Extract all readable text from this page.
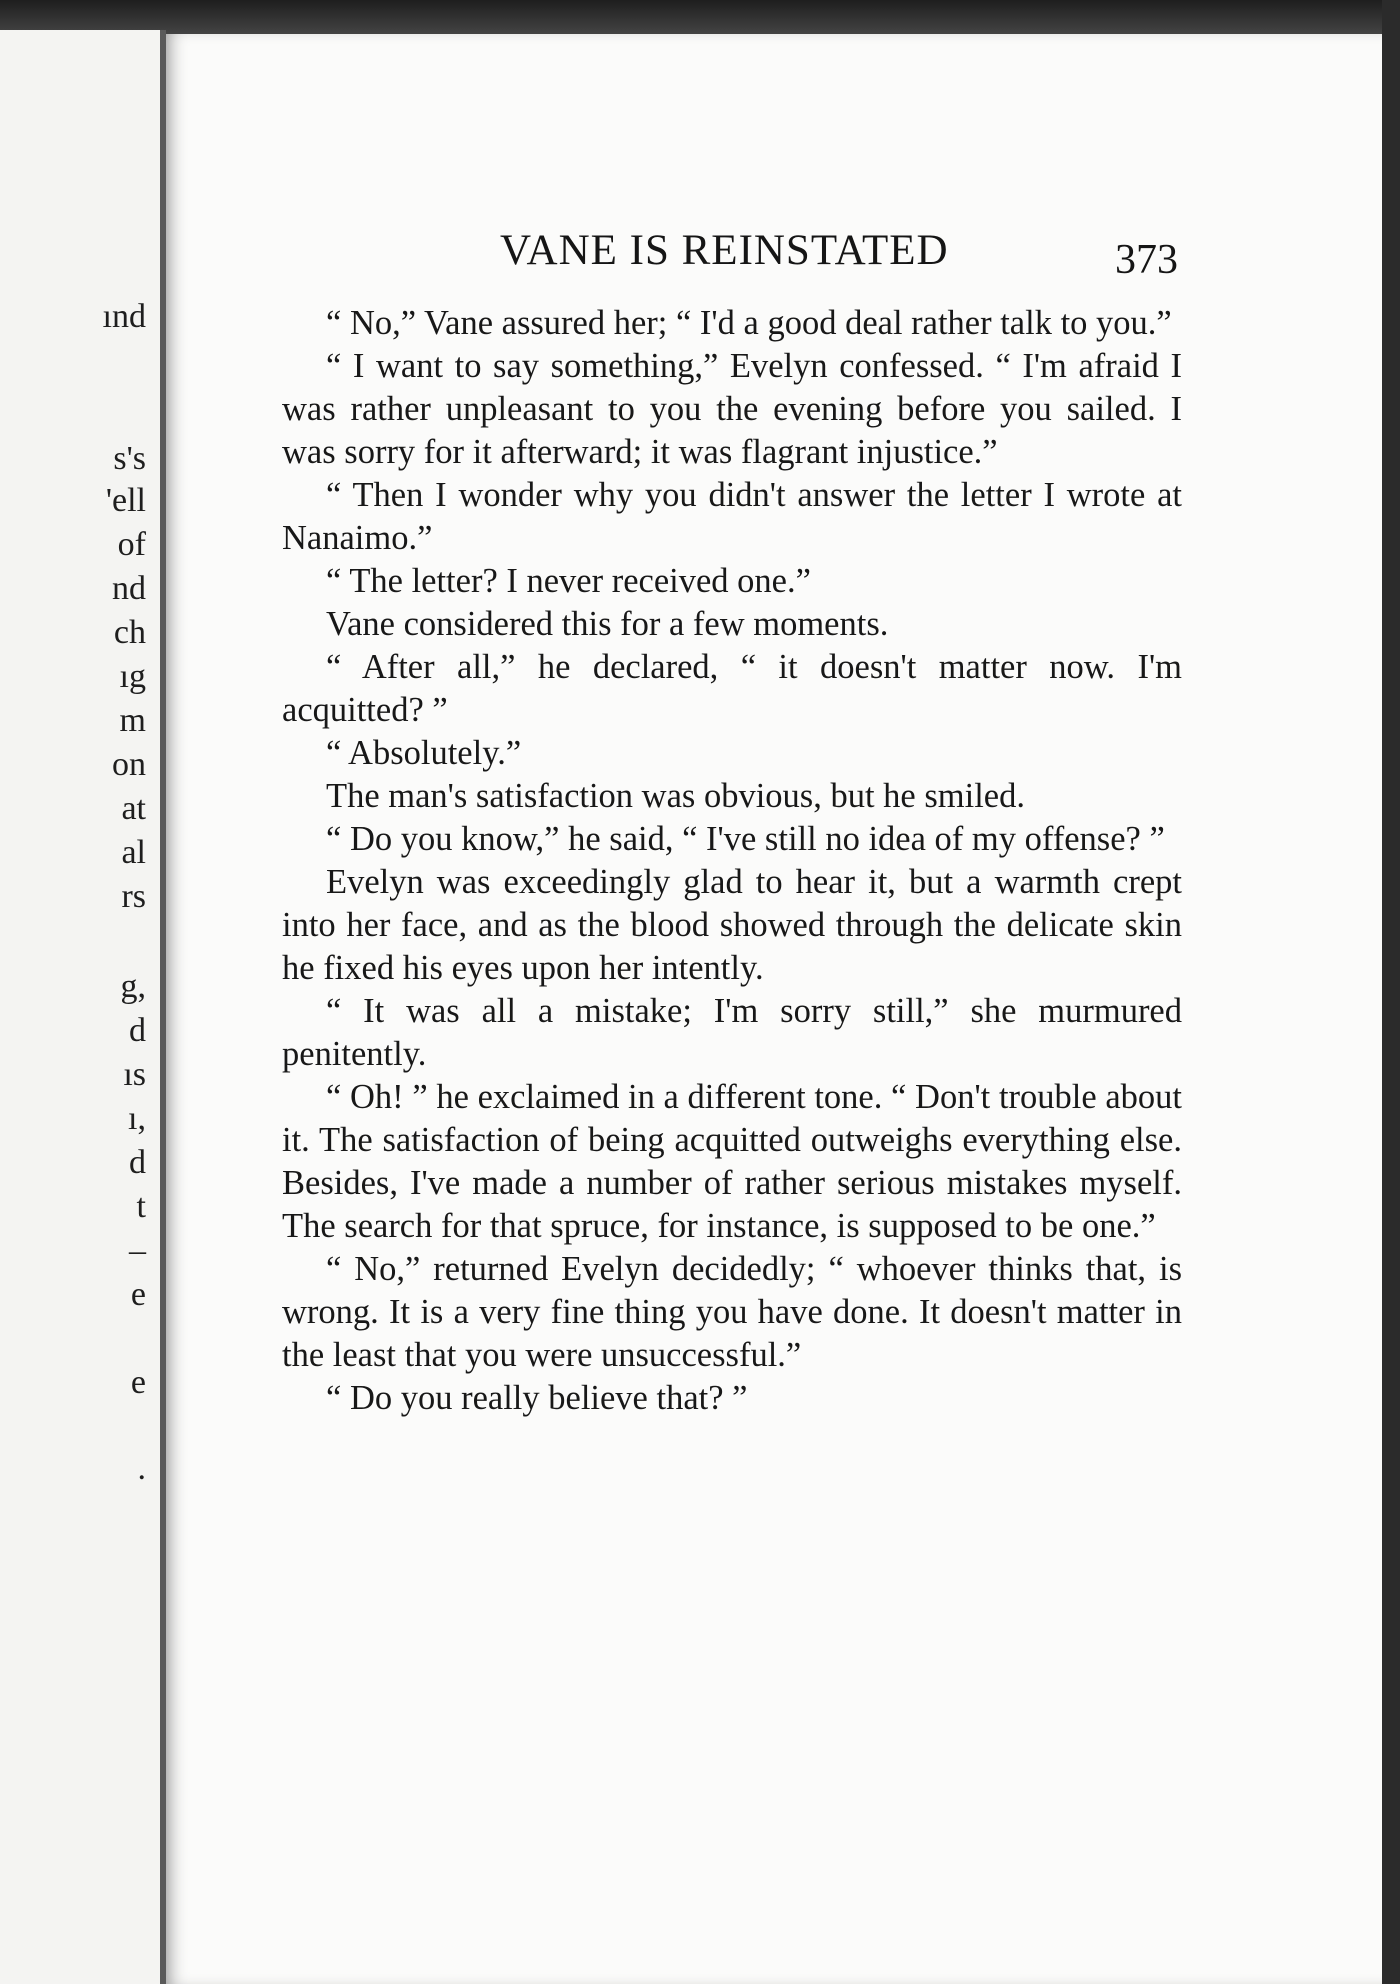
ınd

s's

'ell

of

nd

ch

ıg

m

on

at

al

rs

g,

d

ıs

ı,

d

t

–

e

e

.

VANE IS REINSTATED	373

“ No,” Vane assured her; “ I'd a good deal rather talk to you.”

“ I want to say something,” Evelyn confessed. “ I'm afraid I was rather unpleasant to you the evening before you sailed. I was sorry for it afterward; it was flagrant injustice.”

“ Then I wonder why you didn't answer the letter I wrote at Nanaimo.”

“ The letter? I never received one.”

Vane considered this for a few moments.

“ After all,” he declared, “ it doesn't matter now. I'm acquitted? ”

“ Absolutely.”

The man's satisfaction was obvious, but he smiled.

“ Do you know,” he said, “ I've still no idea of my offense? ”

Evelyn was exceedingly glad to hear it, but a warmth crept into her face, and as the blood showed through the delicate skin he fixed his eyes upon her intently.

“ It was all a mistake; I'm sorry still,” she murmured penitently.

“ Oh! ” he exclaimed in a different tone. “ Don't trouble about it. The satisfaction of being acquitted outweighs everything else. Besides, I've made a number of rather serious mistakes myself. The search for that spruce, for instance, is supposed to be one.”

“ No,” returned Evelyn decidedly; “ whoever thinks that, is wrong. It is a very fine thing you have done. It doesn't matter in the least that you were unsuccessful.”

“ Do you really believe that? ”
